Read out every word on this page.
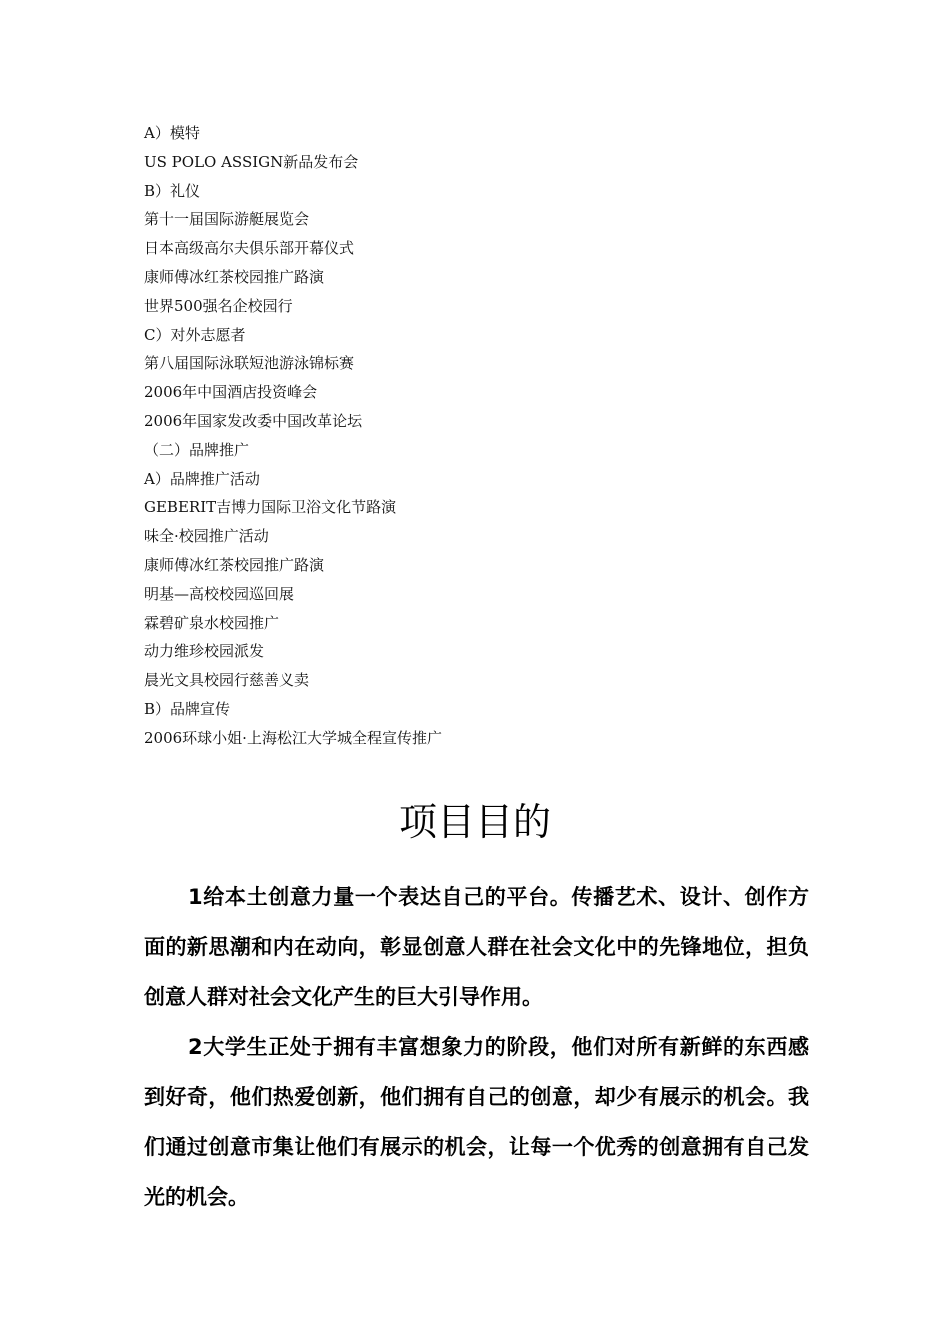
A）模特
US POLO ASSIGN新品发布会
B）礼仪
第十一届国际游艇展览会
日本高级高尔夫俱乐部开幕仪式
康师傅冰红茶校园推广路演
世界500强名企校园行
C）对外志愿者
第八届国际泳联短池游泳锦标赛
2006年中国酒店投资峰会
2006年国家发改委中国改革论坛
（二）品牌推广
A）品牌推广活动
GEBERIT吉博力国际卫浴文化节路演
味全·校园推广活动
康师傅冰红茶校园推广路演
明基—高校校园巡回展
霖碧矿泉水校园推广
动力维珍校园派发
晨光文具校园行慈善义卖
B）品牌宣传
2006环球小姐·上海松江大学城全程宣传推广
项目目的

1给本土创意力量一个表达自己的平台。传播艺术、设计、创作方面的新思潮和内在动向，彰显创意人群在社会文化中的先锋地位，担负创意人群对社会文化产生的巨大引导作用。

2大学生正处于拥有丰富想象力的阶段，他们对所有新鲜的东西感到好奇，他们热爱创新，他们拥有自己的创意，却少有展示的机会。我们通过创意市集让他们有展示的机会，让每一个优秀的创意拥有自己发光的机会。
